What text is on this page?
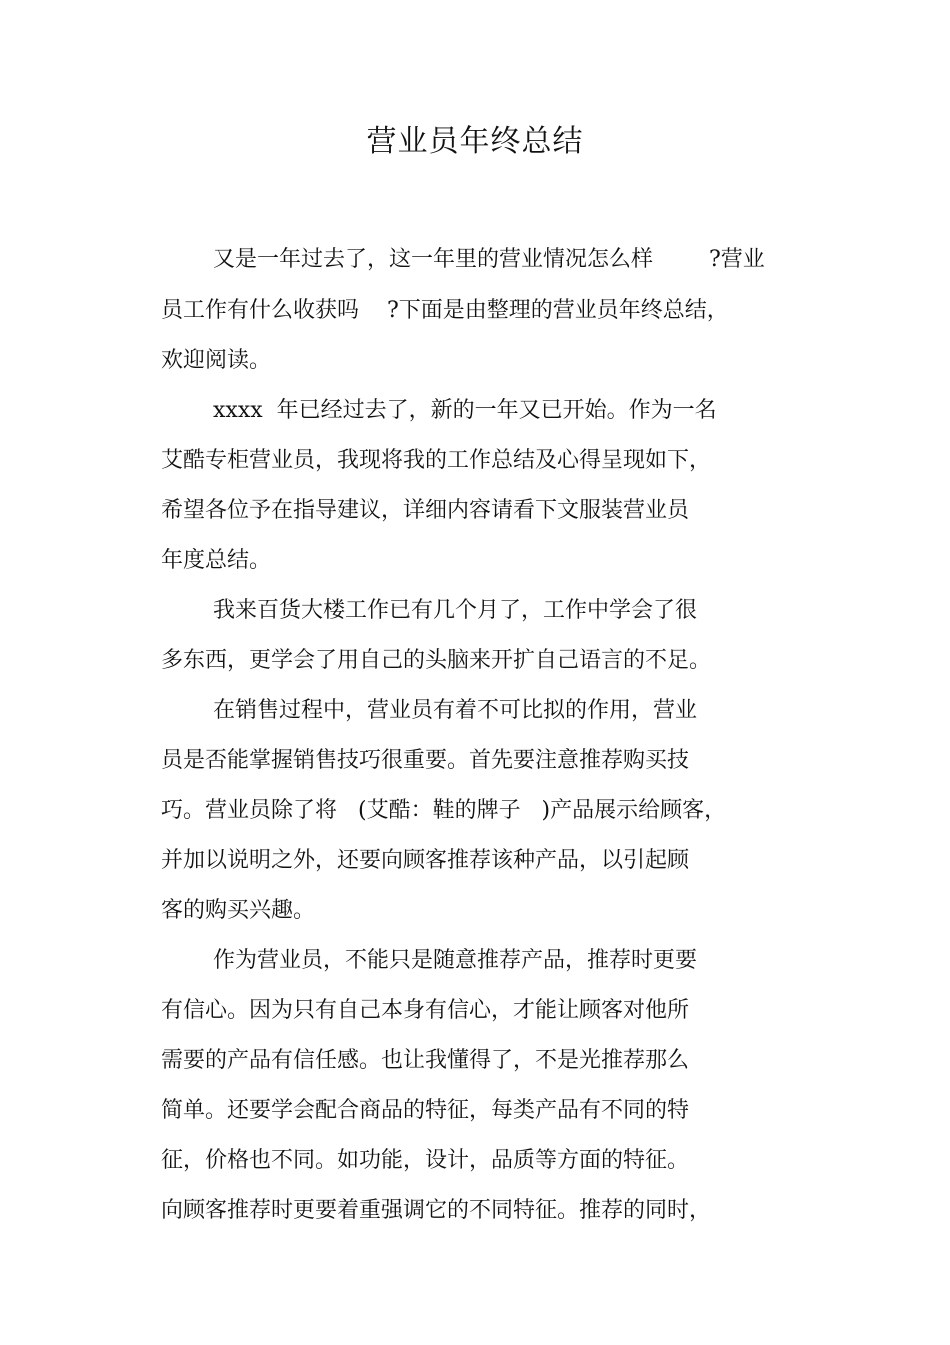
营业员年终总结
又是一年过去了，这一年里的营业情况怎么样        ?营业
员工作有什么收获吗    ?下面是由整理的营业员年终总结，
欢迎阅读。
xxxx  年已经过去了，新的一年又已开始。作为一名
艾酷专柜营业员，我现将我的工作总结及心得呈现如下，
希望各位予在指导建议，详细内容请看下文服装营业员
年度总结。
我来百货大楼工作已有几个月了，工作中学会了很
多东西，更学会了用自己的头脑来开扩自己语言的不足。
在销售过程中，营业员有着不可比拟的作用，营业
员是否能掌握销售技巧很重要。首先要注意推荐购买技
巧。营业员除了将   (艾酷：鞋的牌子   )产品展示给顾客，
并加以说明之外，还要向顾客推荐该种产品，以引起顾
客的购买兴趣。
作为营业员，不能只是随意推荐产品，推荐时更要
有信心。因为只有自己本身有信心，才能让顾客对他所
需要的产品有信任感。也让我懂得了，不是光推荐那么
简单。还要学会配合商品的特征，每类产品有不同的特
征，价格也不同。如功能，设计，品质等方面的特征。
向顾客推荐时更要着重强调它的不同特征。推荐的同时，
